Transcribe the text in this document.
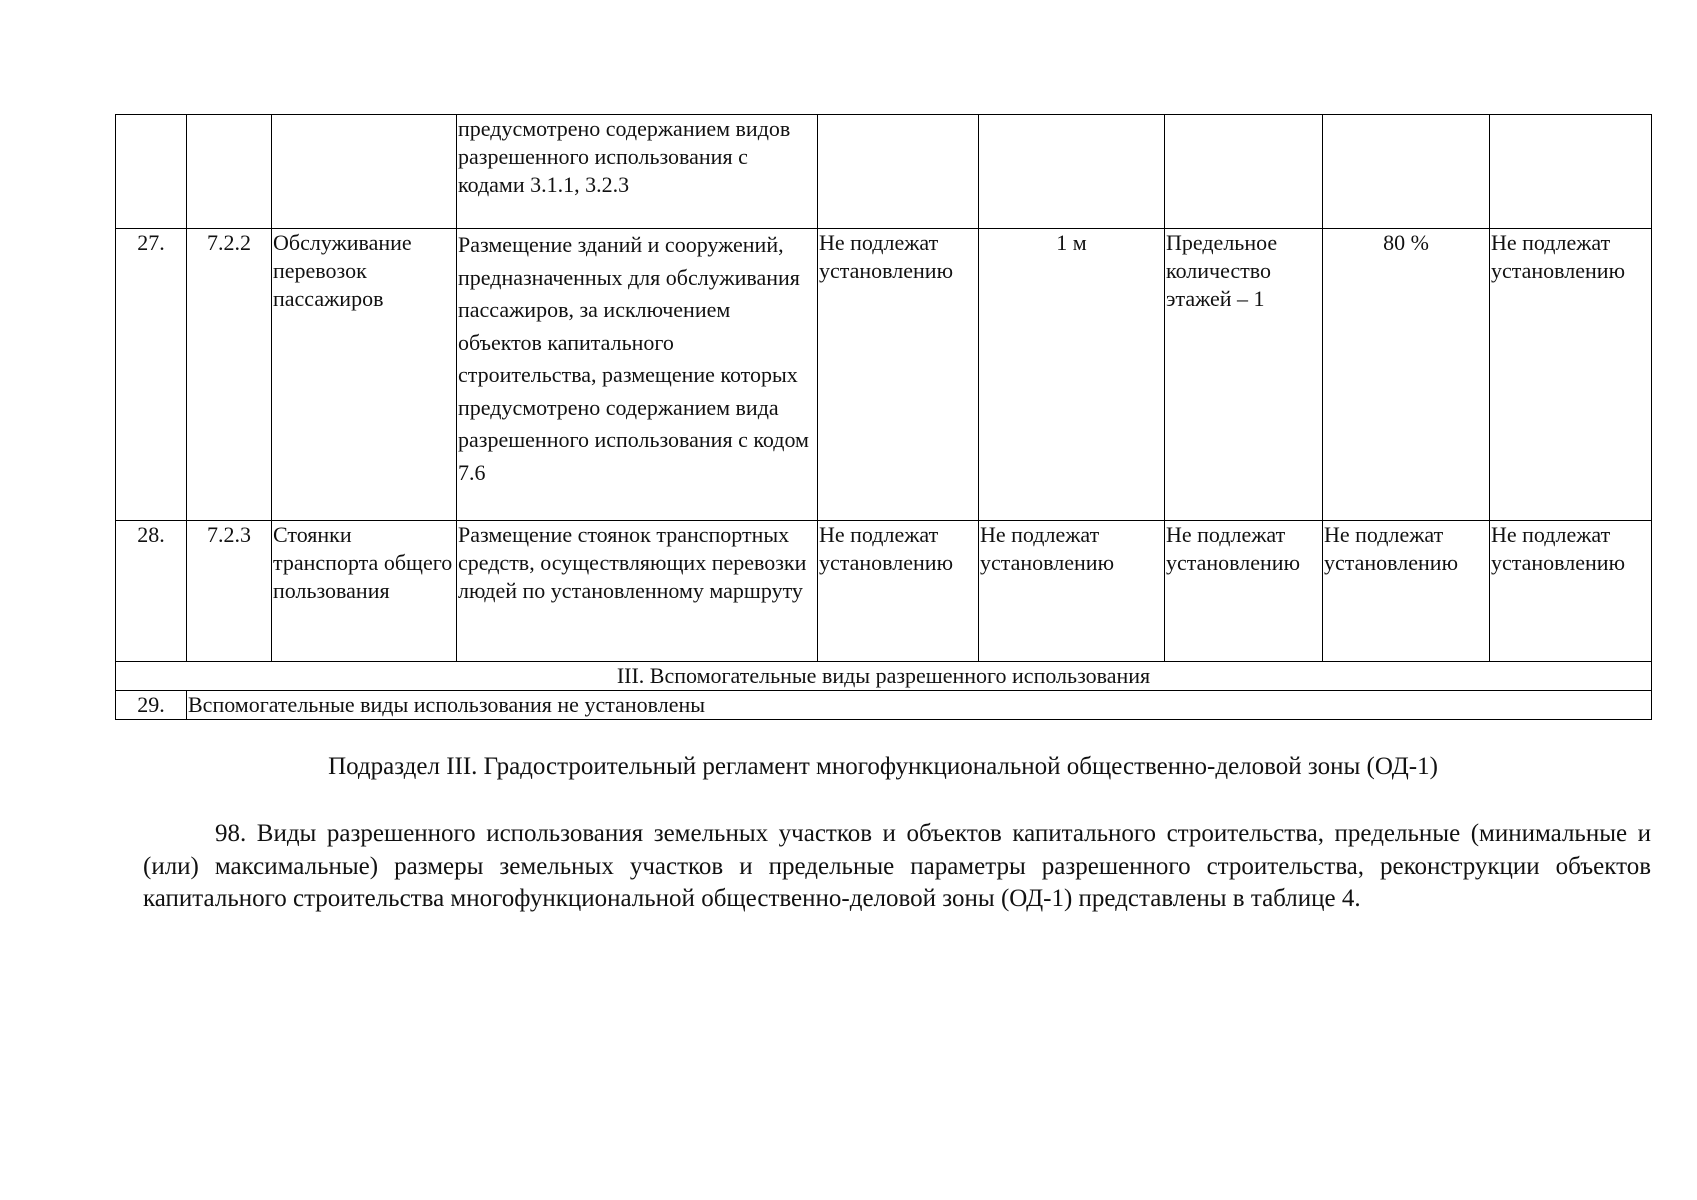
			предусмотрено содержанием видов разрешенного использования с кодами 3.1.1, 3.2.3					
27.	7.2.2	Обслуживание перевозок пассажиров	Размещение зданий и сооружений, предназначенных для обслуживания пассажиров, за исключением объектов капитального строительства, размещение которых предусмотрено содержанием вида разрешенного использования с кодом 7.6	Не подлежат установлению	1 м	Предельное количество этажей – 1	80 %	Не подлежат установлению
28.	7.2.3	Стоянки транспорта общего пользования	Размещение стоянок транспортных средств, осуществляющих перевозки людей по установленному маршруту	Не подлежат установлению	Не подлежат установлению	Не подлежат установлению	Не подлежат установлению	Не подлежат установлению
III. Вспомогательные виды разрешенного использования								
29.	Вспомогательные виды использования не установлены							
Подраздел III. Градостроительный регламент многофункциональной общественно-деловой зоны (ОД-1)
98. Виды разрешенного использования земельных участков и объектов капитального строительства, предельные (минимальные и (или) максимальные) размеры земельных участков и предельные параметры разрешенного строительства, реконструкции объектов капитального строительства многофункциональной общественно-деловой зоны (ОД-1) представлены в таблице 4.
